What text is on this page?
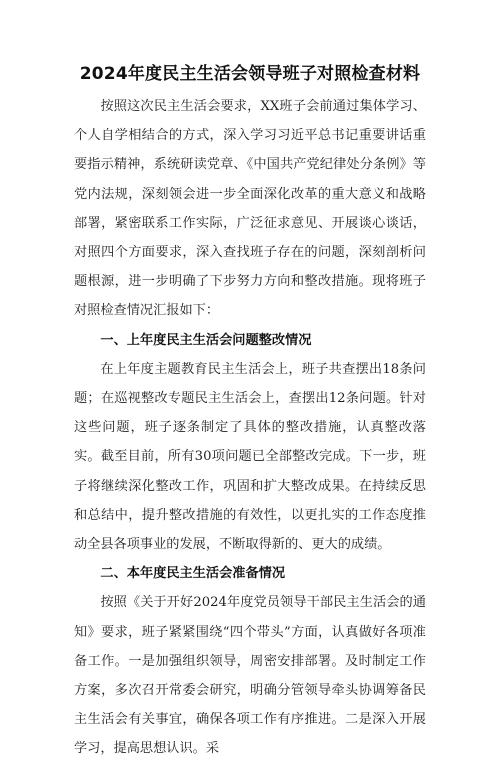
2024年度民主生活会领导班子对照检查材料

按照这次民主生活会要求，XX班子会前通过集体学习、个人自学相结合的方式，深入学习习近平总书记重要讲话重要指示精神，系统研读党章、《中国共产党纪律处分条例》等党内法规，深刻领会进一步全面深化改革的重大意义和战略部署，紧密联系工作实际，广泛征求意见、开展谈心谈话，对照四个方面要求，深入查找班子存在的问题，深刻剖析问题根源，进一步明确了下步努力方向和整改措施。现将班子对照检查情况汇报如下：

一、上年度民主生活会问题整改情况

在上年度主题教育民主生活会上，班子共查摆出18条问题；在巡视整改专题民主生活会上，查摆出12条问题。针对这些问题，班子逐条制定了具体的整改措施，认真整改落实。截至目前，所有30项问题已全部整改完成。下一步，班子将继续深化整改工作，巩固和扩大整改成果。在持续反思和总结中，提升整改措施的有效性，以更扎实的工作态度推动全县各项事业的发展，不断取得新的、更大的成绩。

二、本年度民主生活会准备情况

按照《关于开好2024年度党员领导干部民主生活会的通知》要求，班子紧紧围绕“四个带头”方面，认真做好各项准备工作。一是加强组织领导，周密安排部署。及时制定工作方案，多次召开常委会研究，明确分管领导牵头协调筹备民主生活会有关事宜，确保各项工作有序推进。二是深入开展学习，提高思想认识。采
